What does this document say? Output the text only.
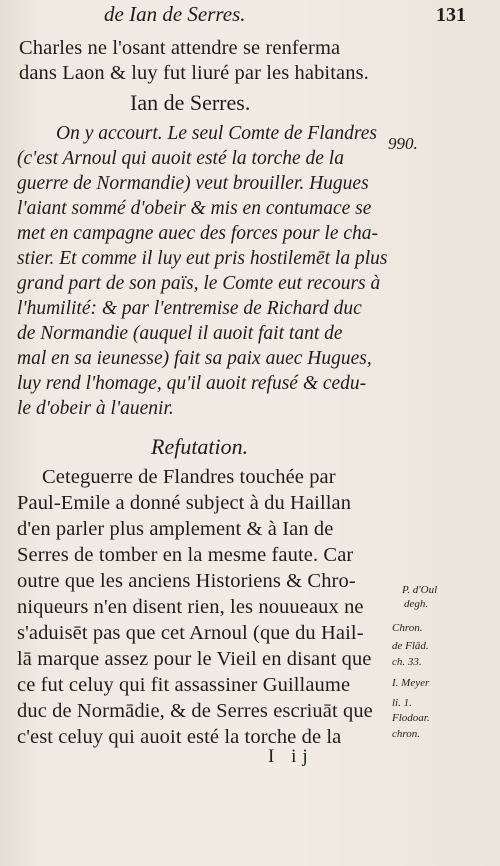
de Ian de Serres.	131
Charles ne l'osant attendre se renferma
dans Laon & luy fut liuré par les habitans.
Ian de Serres.
990.
On y accourt. Le seul Comte de Flandres
(c'est Arnoul qui auoit esté la torche de la
guerre de Normandie) veut brouiller. Hugues
l'aiant sommé d'obeir & mis en contumace se
met en campagne auec des forces pour le cha-
stier. Et comme il luy eut pris hostilemēt la plus
grand part de son païs, le Comte eut recours à
l'humilité: & par l'entremise de Richard duc
de Normandie (auquel il auoit fait tant de
mal en sa ieunesse) fait sa paix auec Hugues,
luy rend l'homage, qu'il auoit refusé & cedu-
le d'obeir à l'auenir.
Refutation.
Ceteguerre de Flandres touchée par
Paul-Emile a donné subject à du Haillan
d'en parler plus amplement & à Ian de
Serres de tomber en la mesme faute. Car
outre que les anciens Historiens & Chro-
niqueurs n'en disent rien, les nouueaux ne
s'aduisēt pas que cet Arnoul (que du Hail-
lā marque assez pour le Vieil en disant que
ce fut celuy qui fit assassiner Guillaume
duc de Normādie, & de Serres escriuāt que
c'est celuy qui auoit esté la torche de la
P. d'Oul
degh.
Chron.
de Flād.
ch. 33.
I. Meyer
li. 1.
Flodoar.
chron.
I ij
